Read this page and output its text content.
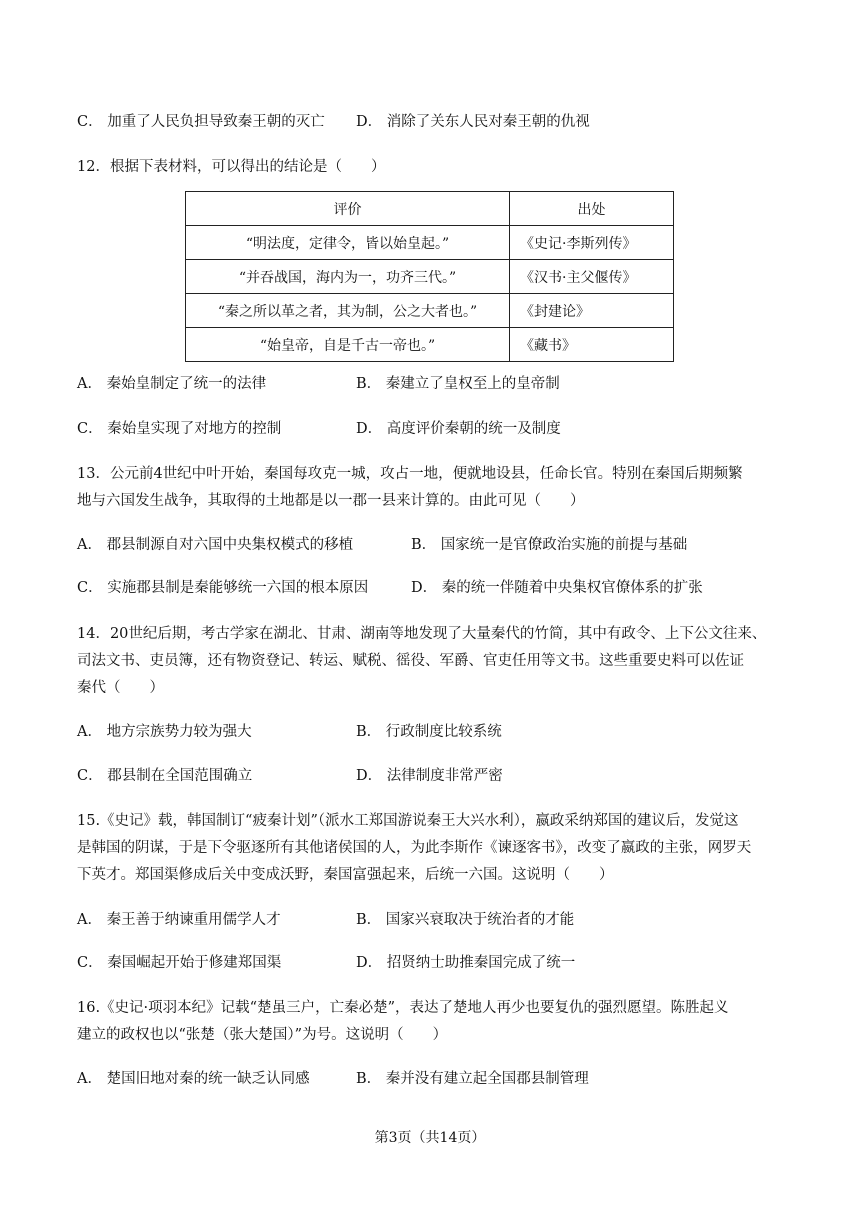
C． 加重了人民负担导致秦王朝的灭亡 D． 消除了关东人民对秦王朝的仇视
12．根据下表材料，可以得出的结论是（　　）
评价	出处
“明法度，定律令，皆以始皇起。”	《史记·李斯列传》
“并吞战国，海内为一，功齐三代。”	《汉书·主父偃传》
“秦之所以革之者，其为制，公之大者也。”	《封建论》
“始皇帝，自是千古一帝也。”	《藏书》
A． 秦始皇制定了统一的法律	B． 秦建立了皇权至上的皇帝制
C． 秦始皇实现了对地方的控制	D． 高度评价秦朝的统一及制度
13．公元前4世纪中叶开始，秦国每攻克一城，攻占一地，便就地设县，任命长官。特别在秦国后期频繁
地与六国发生战争，其取得的土地都是以一郡一县来计算的。由此可见（　　）
A． 郡县制源自对六国中央集权模式的移植	B． 国家统一是官僚政治实施的前提与基础
C． 实施郡县制是秦能够统一六国的根本原因	D． 秦的统一伴随着中央集权官僚体系的扩张
14．20世纪后期，考古学家在湖北、甘肃、湖南等地发现了大量秦代的竹简，其中有政令、上下公文往来、
司法文书、吏员簿，还有物资登记、转运、赋税、徭役、军爵、官吏任用等文书。这些重要史料可以佐证
秦代（　　）
A． 地方宗族势力较为强大	B． 行政制度比较系统
C． 郡县制在全国范围确立	D． 法律制度非常严密
15.《史记》载，韩国制订“疲秦计划”（派水工郑国游说秦王大兴水利），嬴政采纳郑国的建议后，发觉这
是韩国的阴谋，于是下令驱逐所有其他诸侯国的人，为此李斯作《谏逐客书》，改变了嬴政的主张，网罗天
下英才。郑国渠修成后关中变成沃野，秦国富强起来，后统一六国。这说明（　　）
A． 秦王善于纳谏重用儒学人才	B． 国家兴衰取决于统治者的才能
C． 秦国崛起开始于修建郑国渠	D． 招贤纳士助推秦国完成了统一
16.《史记·项羽本纪》记载“楚虽三户，亡秦必楚”，表达了楚地人再少也要复仇的强烈愿望。陈胜起义
建立的政权也以“张楚（张大楚国）”为号。这说明（　　）
A． 楚国旧地对秦的统一缺乏认同感	B． 秦并没有建立起全国郡县制管理
第3页（共14页）
